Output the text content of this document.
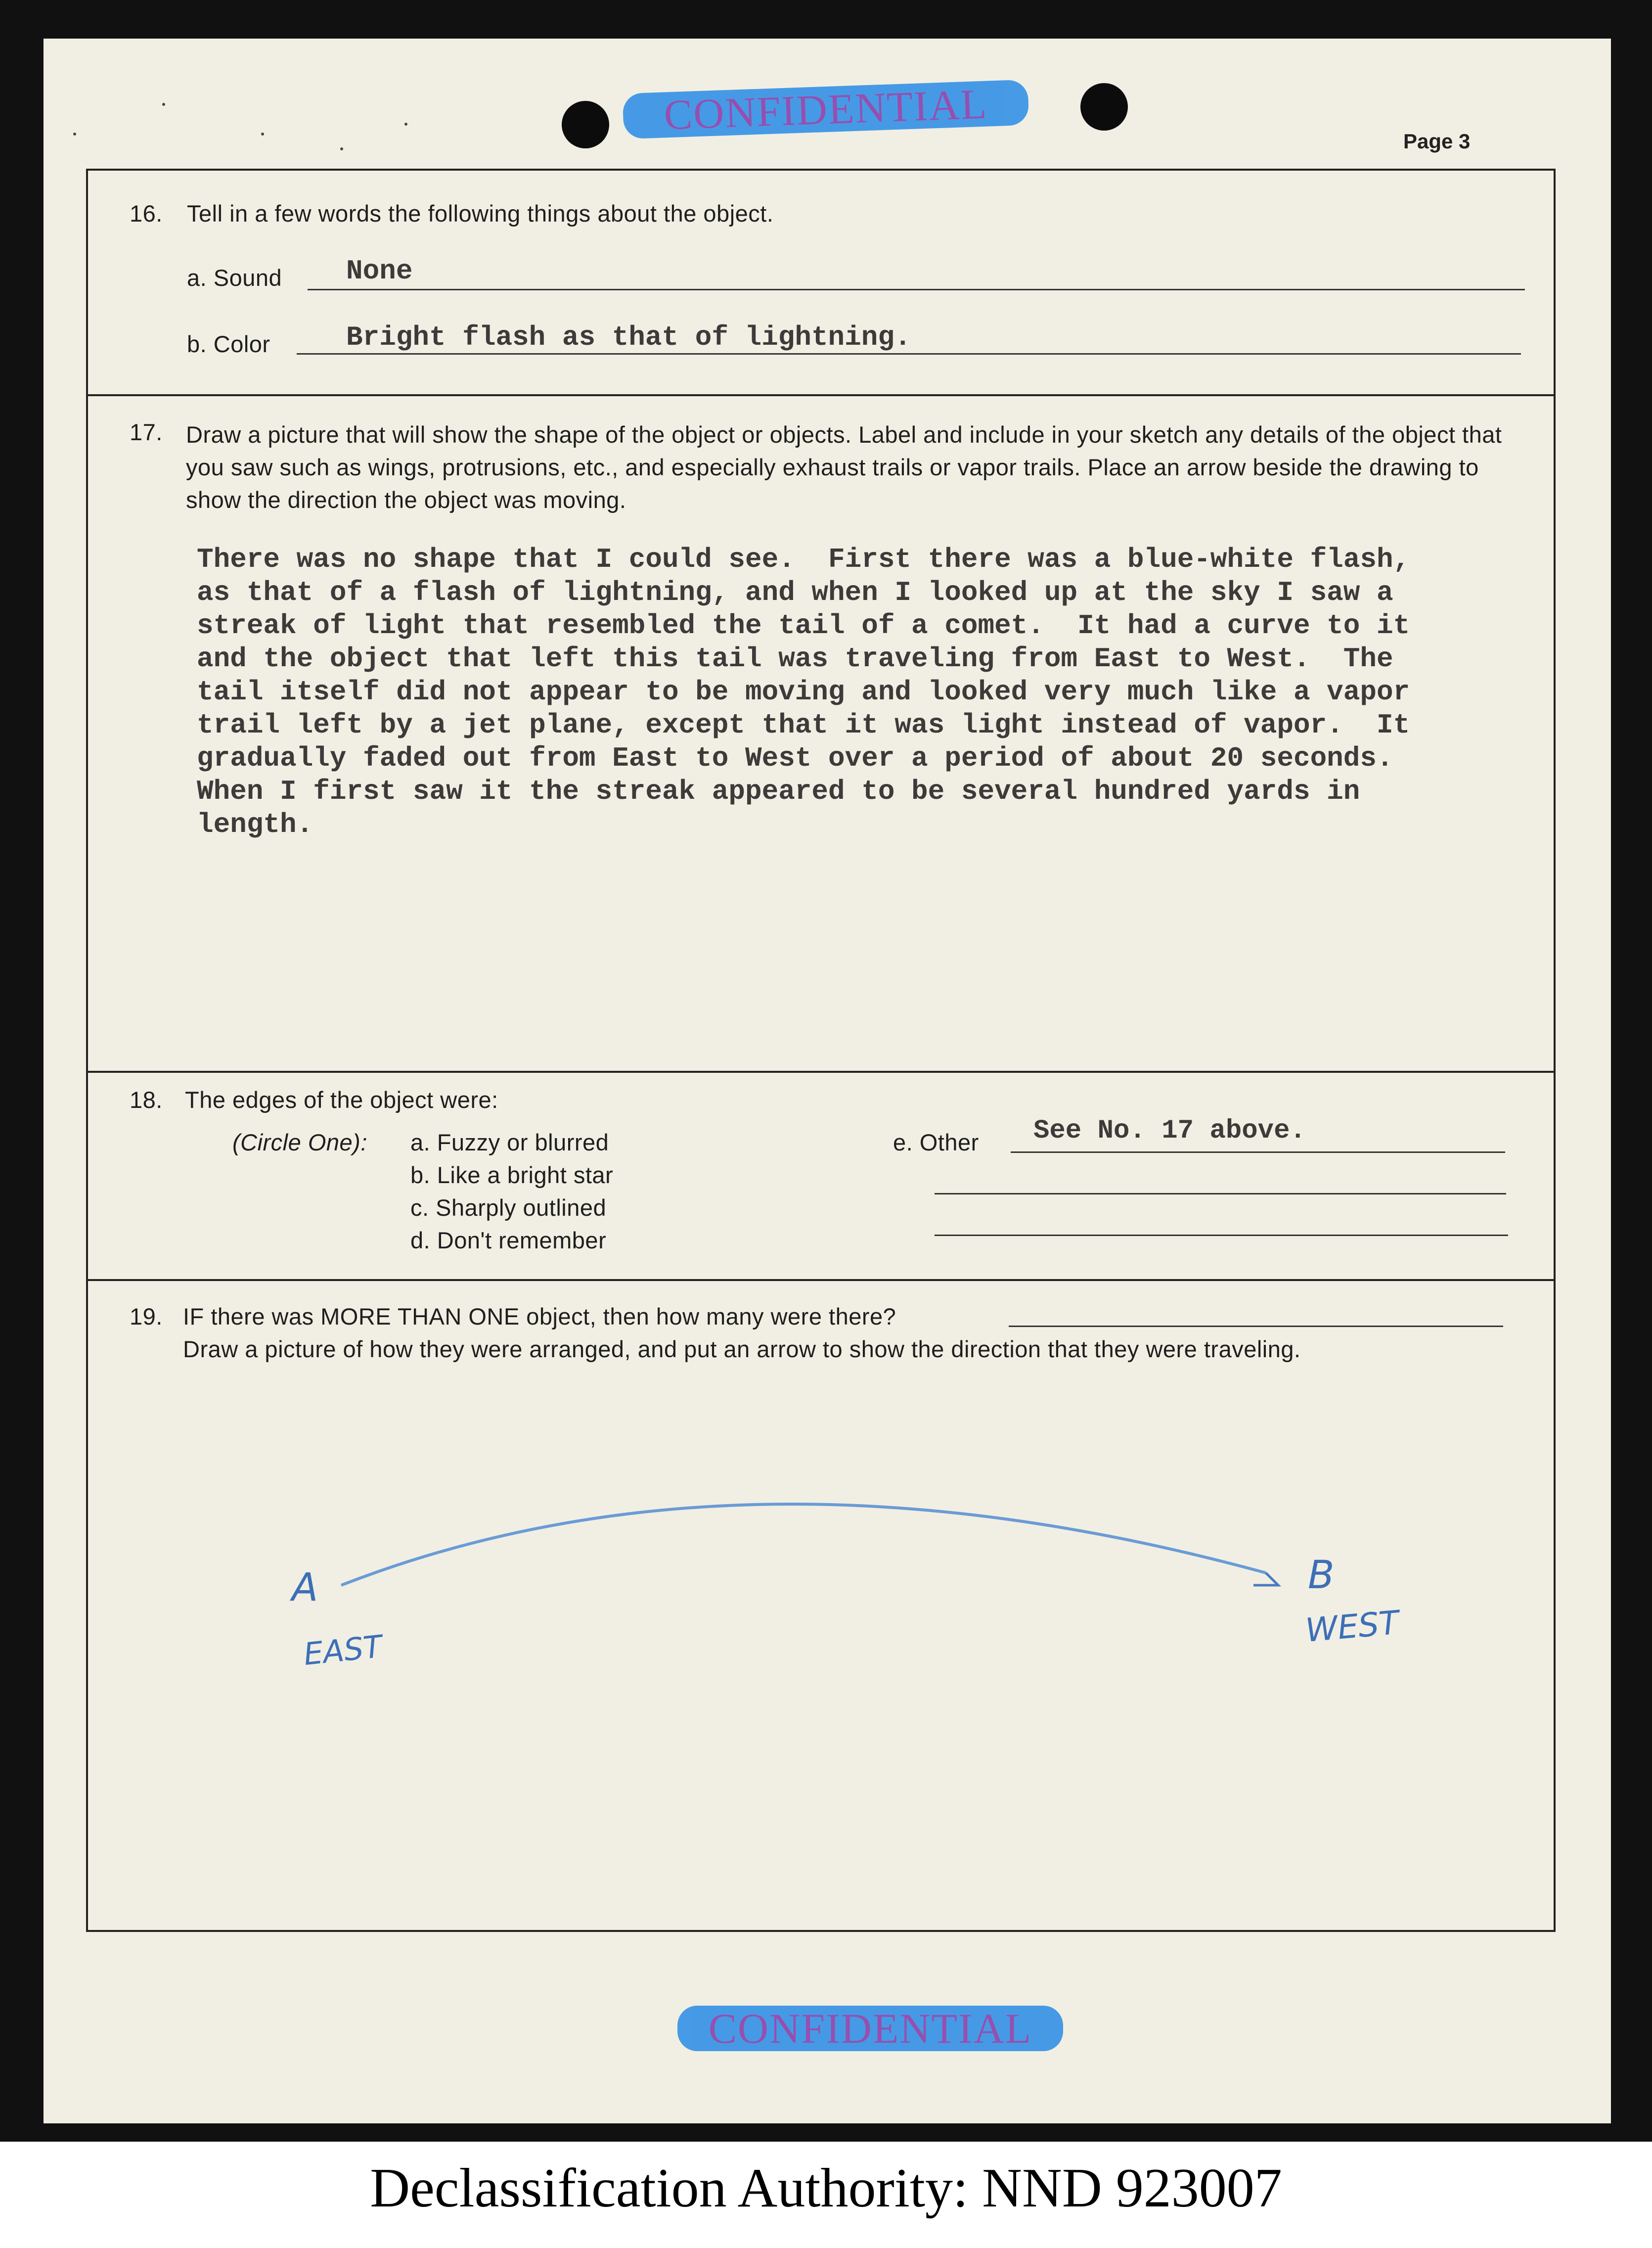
CONFIDENTIAL
Page 3
16. Tell in a few words the following things about the object.
a. Sound None
b. Color	Bright flash as that of lightning.
17. Draw a picture that will show the shape of the object or objects. Label and include in your sketch any details of the object that you saw such as wings, protrusions, etc., and especially exhaust trails or vapor trails. Place an arrow beside the drawing to show the direction the object was moving.
There was no shape that I could see.  First there was a blue-white flash,
as that of a flash of lightning, and when I looked up at the sky I saw a
streak of light that resembled the tail of a comet.  It had a curve to it
and the object that left this tail was traveling from East to West.  The
tail itself did not appear to be moving and looked very much like a vapor
trail left by a jet plane, except that it was light instead of vapor.  It
gradually faded out from East to West over a period of about 20 seconds.
When I first saw it the streak appeared to be several hundred yards in
length.
18. The edges of the object were:
(Circle One): a. Fuzzy or blurred
b. Like a bright star
c. Sharply outlined
d. Don't remember
e. Other See No. 17 above.
19. IF there was MORE THAN ONE object, then how many were there?
Draw a picture of how they were arranged, and put an arrow to show the direction that they were traveling.
A
EAST
B
WEST
CONFIDENTIAL
Declassification Authority: NND 923007
